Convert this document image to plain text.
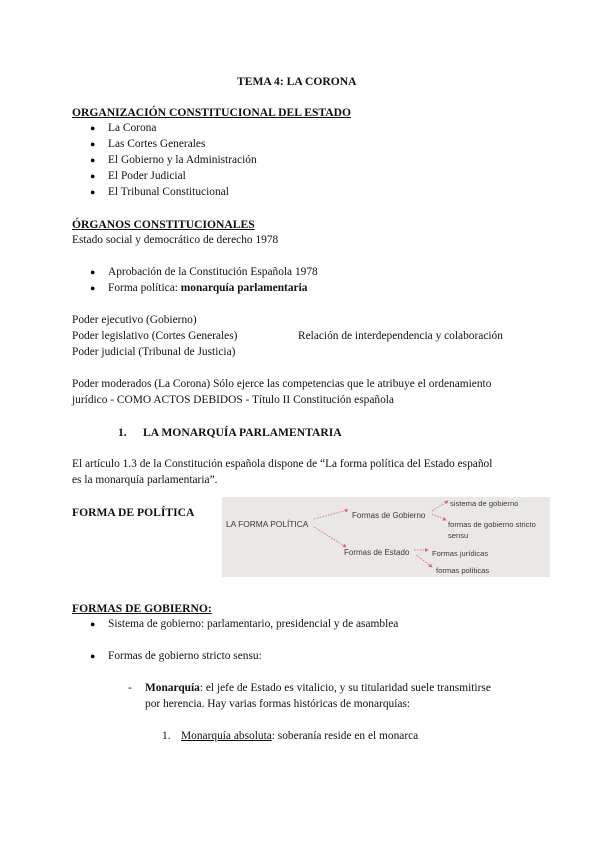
TEMA 4: LA CORONA
ORGANIZACIÓN CONSTITUCIONAL DEL ESTADO
● La Corona
● Las Cortes Generales
● El Gobierno y la Administración
● El Poder Judicial
● El Tribunal Constitucional
ÓRGANOS CONSTITUCIONALES
Estado social y democrático de derecho 1978
● Aprobación de la Constitución Española 1978
● Forma política: monarquía parlamentaria
Poder ejecutivo (Gobierno)
Poder legislativo (Cortes Generales)	Relación de interdependencia y colaboración
Poder judicial (Tribunal de Justicia)
Poder moderados (La Corona) Sólo ejerce las competencias que le atribuye el ordenamiento
jurídico - COMO ACTOS DEBIDOS - Título II Constitución española
1. LA MONARQUÍA PARLAMENTARIA
El artículo 1.3 de la Constitución española dispone de “La forma política del Estado español
es la monarquía parlamentaria”.
FORMA DE POLÍTICA
LA FORMA POLÍTICA
Formas de Gobierno
Formas de Estado
sistema de gobierno
formas de gobierno stricto
sensu
Formas jurídicas
formas políticas
FORMAS DE GOBIERNO:
● Sistema de gobierno: parlamentario, presidencial y de asamblea
● Formas de gobierno stricto sensu:
- Monarquía: el jefe de Estado es vitalicio, y su titularidad suele transmitirse
por herencia. Hay varias formas históricas de monarquías:
1. Monarquía absoluta: soberanía reside en el monarca
